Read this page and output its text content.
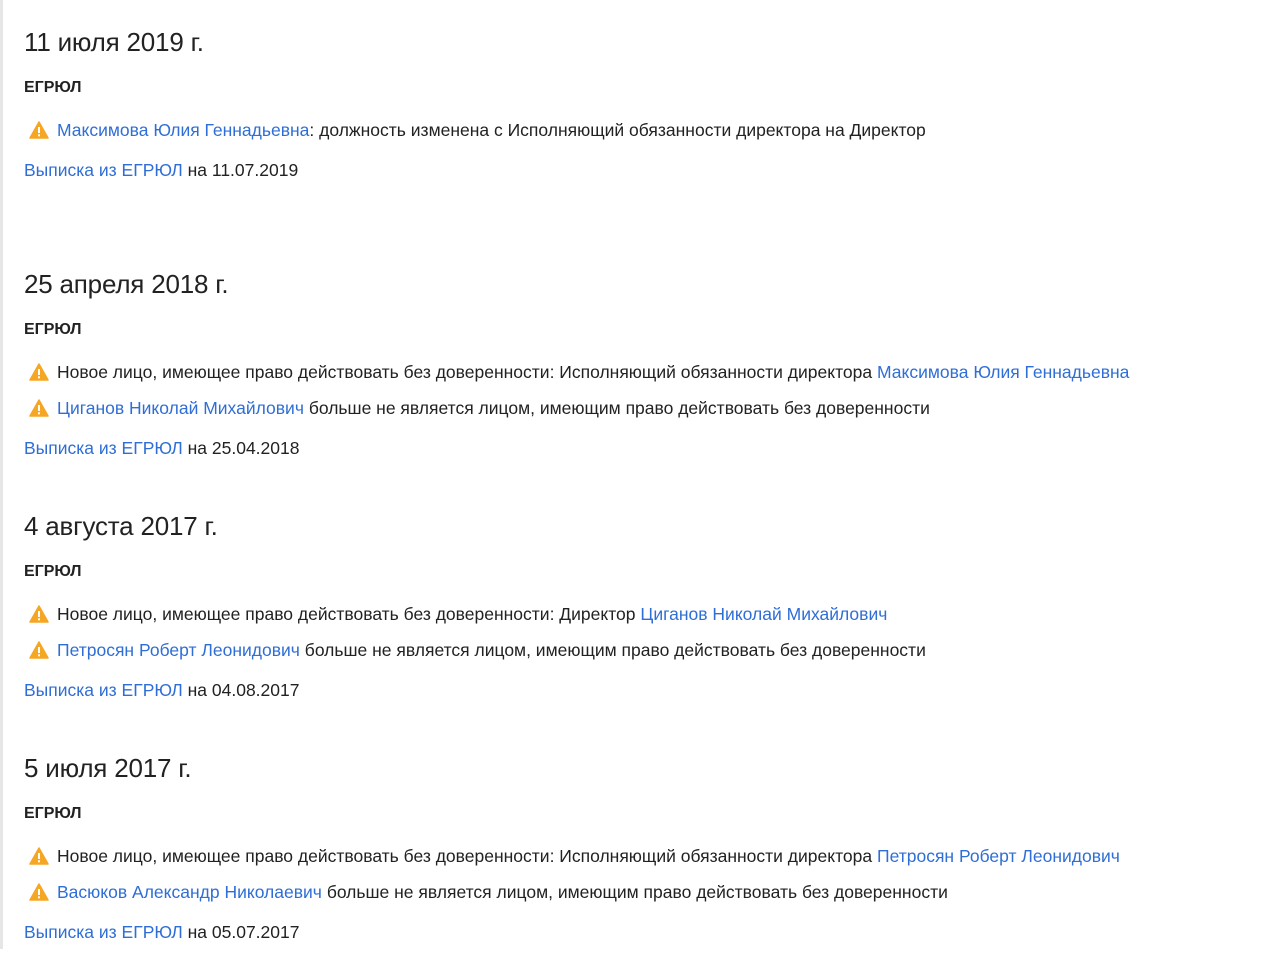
11 июля 2019 г.
ЕГРЮЛ
Максимова Юлия Геннадьевна: должность изменена с Исполняющий обязанности директора на Директор
Выписка из ЕГРЮЛ на 11.07.2019
25 апреля 2018 г.
ЕГРЮЛ
Новое лицо, имеющее право действовать без доверенности: Исполняющий обязанности директора Максимова Юлия Геннадьевна
Циганов Николай Михайлович больше не является лицом, имеющим право действовать без доверенности
Выписка из ЕГРЮЛ на 25.04.2018
4 августа 2017 г.
ЕГРЮЛ
Новое лицо, имеющее право действовать без доверенности: Директор Циганов Николай Михайлович
Петросян Роберт Леонидович больше не является лицом, имеющим право действовать без доверенности
Выписка из ЕГРЮЛ на 04.08.2017
5 июля 2017 г.
ЕГРЮЛ
Новое лицо, имеющее право действовать без доверенности: Исполняющий обязанности директора Петросян Роберт Леонидович
Васюков Александр Николаевич больше не является лицом, имеющим право действовать без доверенности
Выписка из ЕГРЮЛ на 05.07.2017
